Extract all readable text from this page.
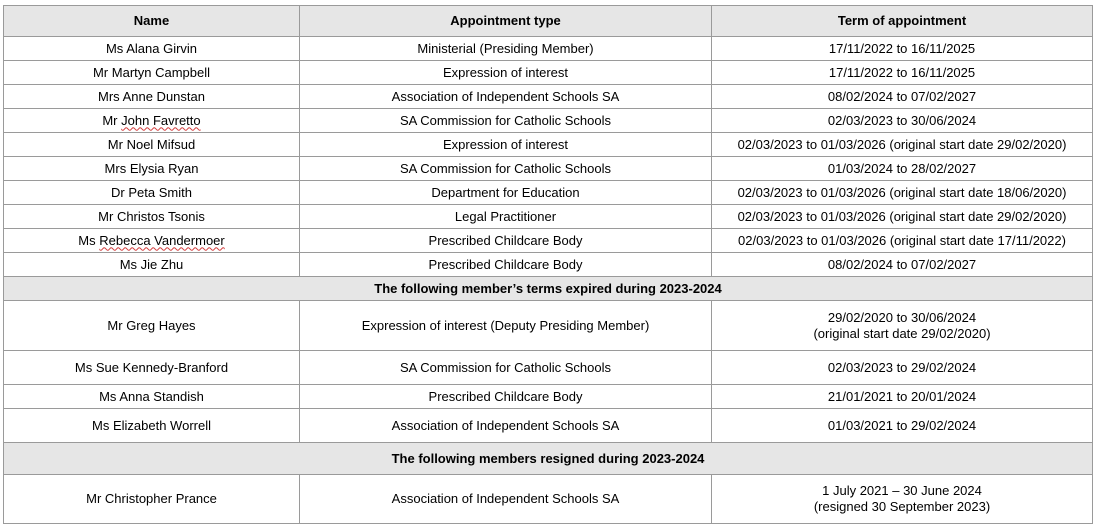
Name	Appointment type	Term of appointment
Ms Alana Girvin	Ministerial (Presiding Member)	17/11/2022 to 16/11/2025
Mr Martyn Campbell	Expression of interest	17/11/2022 to 16/11/2025
Mrs Anne Dunstan	Association of Independent Schools SA	08/02/2024 to 07/02/2027
Mr John Favretto	SA Commission for Catholic Schools	02/03/2023 to 30/06/2024
Mr Noel Mifsud	Expression of interest	02/03/2023 to 01/03/2026 (original start date 29/02/2020)
Mrs Elysia Ryan	SA Commission for Catholic Schools	01/03/2024 to 28/02/2027
Dr Peta Smith	Department for Education	02/03/2023 to 01/03/2026 (original start date 18/06/2020)
Mr Christos Tsonis	Legal Practitioner	02/03/2023 to 01/03/2026 (original start date 29/02/2020)
Ms Rebecca Vandermoer	Prescribed Childcare Body	02/03/2023 to 01/03/2026 (original start date 17/11/2022)
Ms Jie Zhu	Prescribed Childcare Body	08/02/2024 to 07/02/2027
The following member’s terms expired during 2023-2024		
Mr Greg Hayes	Expression of interest (Deputy Presiding Member)	29/02/2020 to 30/06/2024
(original start date 29/02/2020)

Ms Sue Kennedy-Branford	SA Commission for Catholic Schools	02/03/2023 to 29/02/2024
Ms Anna Standish	Prescribed Childcare Body	21/01/2021 to 20/01/2024
Ms Elizabeth Worrell	Association of Independent Schools SA	01/03/2021 to 29/02/2024
The following members resigned during 2023-2024		
Mr Christopher Prance	Association of Independent Schools SA	1 July 2021 – 30 June 2024
(resigned 30 September 2023)
